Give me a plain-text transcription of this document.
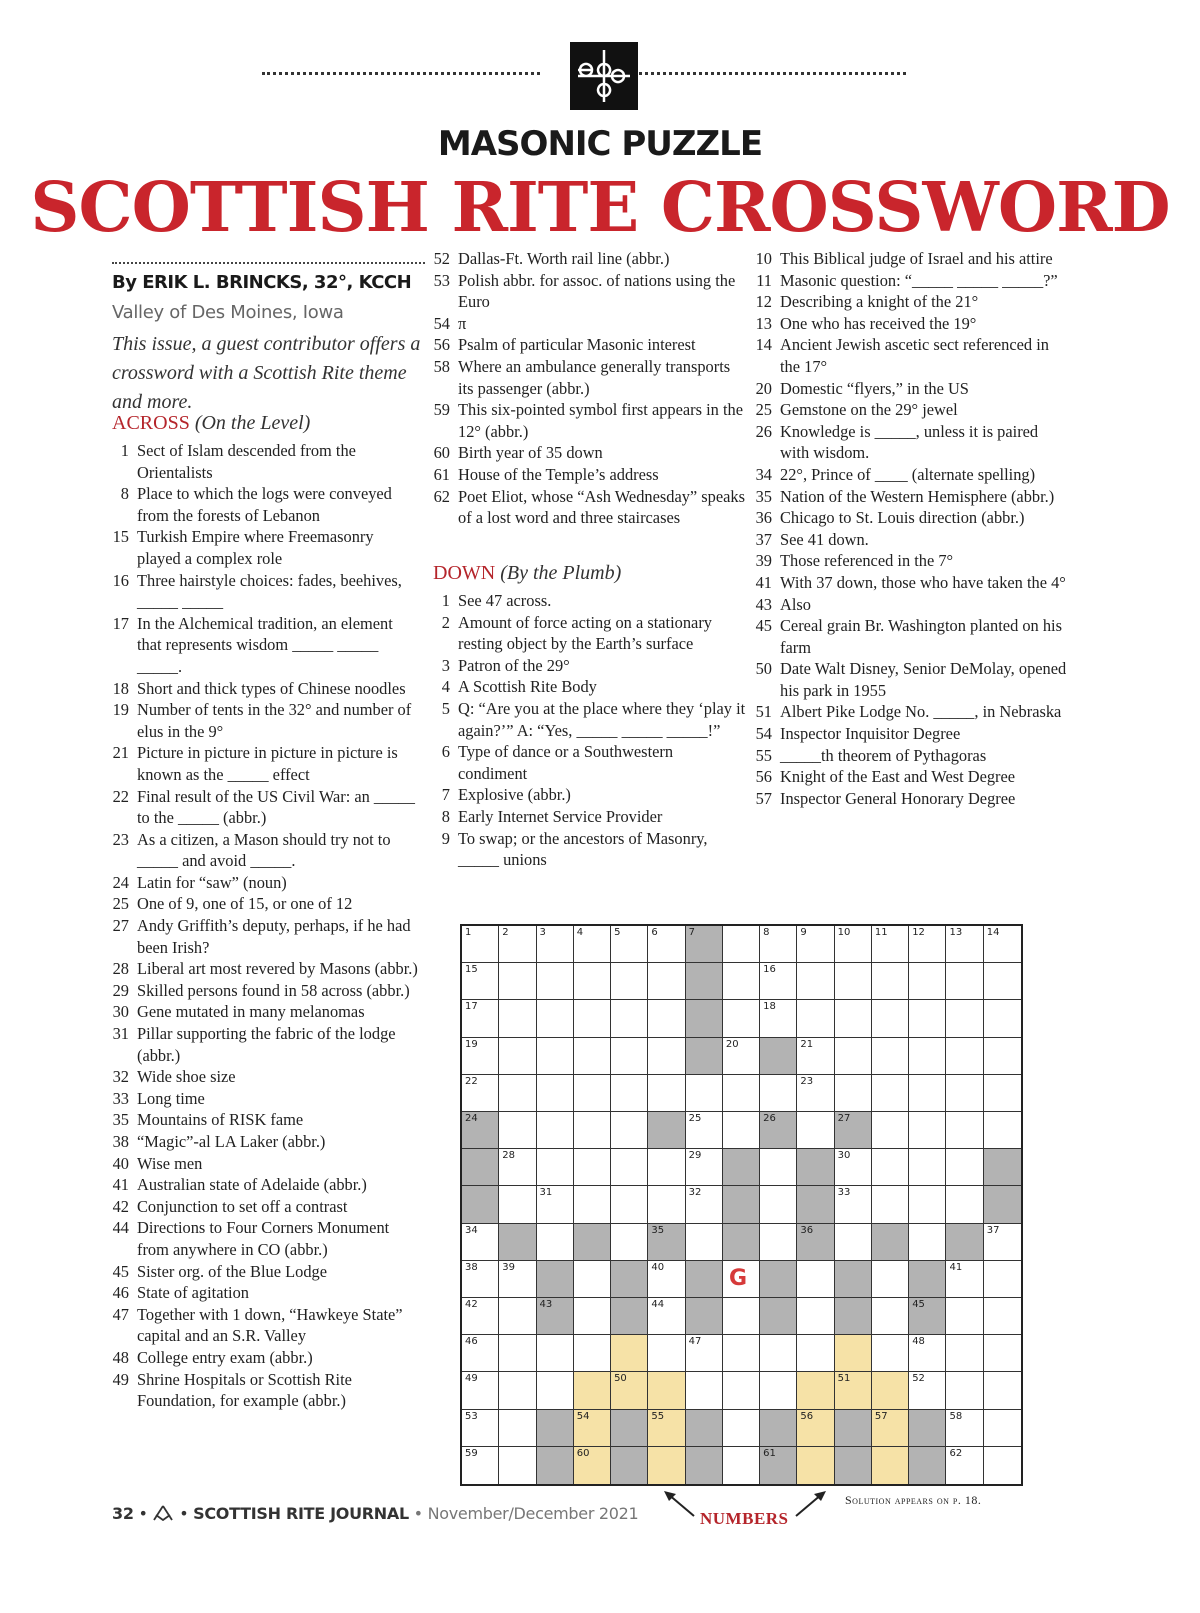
MASONIC PUZZLE
SCOTTISH RITE CROSSWORD
By ERIK L. BRINCKS, 32°, KCCH
Valley of Des Moines, Iowa
This issue, a guest contributor offers a crossword with a Scottish Rite theme and more.
ACROSS (On the Level)
1 Sect of Islam descended from the Orientalists
8 Place to which the logs were conveyed from the forests of Lebanon
15 Turkish Empire where Freemasonry played a complex role
16 Three hairstyle choices: fades, beehives, _____ _____
17 In the Alchemical tradition, an element that represents wisdom _____ _____ _____.
18 Short and thick types of Chinese noodles
19 Number of tents in the 32° and number of elus in the 9°
21 Picture in picture in picture in picture is known as the _____ effect
22 Final result of the US Civil War: an _____ to the _____ (abbr.)
23 As a citizen, a Mason should try not to _____ and avoid _____.
24 Latin for “saw” (noun)
25 One of 9, one of 15, or one of 12
27 Andy Griffith’s deputy, perhaps, if he had been Irish?
28 Liberal art most revered by Masons (abbr.)
29 Skilled persons found in 58 across (abbr.)
30 Gene mutated in many melanomas
31 Pillar supporting the fabric of the lodge (abbr.)
32 Wide shoe size
33 Long time
35 Mountains of RISK fame
38 “Magic”-al LA Laker (abbr.)
40 Wise men
41 Australian state of Adelaide (abbr.)
42 Conjunction to set off a contrast
44 Directions to Four Corners Monument from anywhere in CO (abbr.)
45 Sister org. of the Blue Lodge
46 State of agitation
47 Together with 1 down, “Hawkeye State” capital and an S.R. Valley
48 College entry exam (abbr.)
49 Shrine Hospitals or Scottish Rite Foundation, for example (abbr.)
52 Dallas-Ft. Worth rail line (abbr.)
53 Polish abbr. for assoc. of nations using the Euro
54 π
56 Psalm of particular Masonic interest
58 Where an ambulance generally transports its passenger (abbr.)
59 This six-pointed symbol first appears in the 12° (abbr.)
60 Birth year of 35 down
61 House of the Temple’s address
62 Poet Eliot, whose “Ash Wednesday” speaks of a lost word and three staircases
DOWN (By the Plumb)
1 See 47 across.
2 Amount of force acting on a stationary resting object by the Earth’s surface
3 Patron of the 29°
4 A Scottish Rite Body
5 Q: “Are you at the place where they ‘play it again?’” A: “Yes, _____ _____ _____!”
6 Type of dance or a Southwestern condiment
7 Explosive (abbr.)
8 Early Internet Service Provider
9 To swap; or the ancestors of Masonry, _____ unions
10 This Biblical judge of Israel and his attire
11 Masonic question: “_____ _____ _____?”
12 Describing a knight of the 21°
13 One who has received the 19°
14 Ancient Jewish ascetic sect referenced in the 17°
20 Domestic “flyers,” in the US
25 Gemstone on the 29° jewel
26 Knowledge is _____, unless it is paired with wisdom.
34 22°, Prince of ____ (alternate spelling)
35 Nation of the Western Hemisphere (abbr.)
36 Chicago to St. Louis direction (abbr.)
37 See 41 down.
39 Those referenced in the 7°
41 With 37 down, those who have taken the 4°
43 Also
45 Cereal grain Br. Washington planted on his farm
50 Date Walt Disney, Senior DeMolay, opened his park in 1955
51 Albert Pike Lodge No. _____, in Nebraska
54 Inspector Inquisitor Degree
55 _____th theorem of Pythagoras
56 Knight of the East and West Degree
57 Inspector General Honorary Degree
1	2	3	4	5	6	7	8	9	10 11 12 13 14
15	16
17	18
19	20	21
22	23
24	25	26	27
28	29	30
31	32	33
34	35	36	37
38 39	40	41
42	43	44	45
46	47	48
49	50	51	52
53	54	55	56	57	58
59	60	61	62
G
NUMBERS
Solution appears on p. 18.
32 •  • SCOTTISH RITE JOURNAL • November/December 2021
